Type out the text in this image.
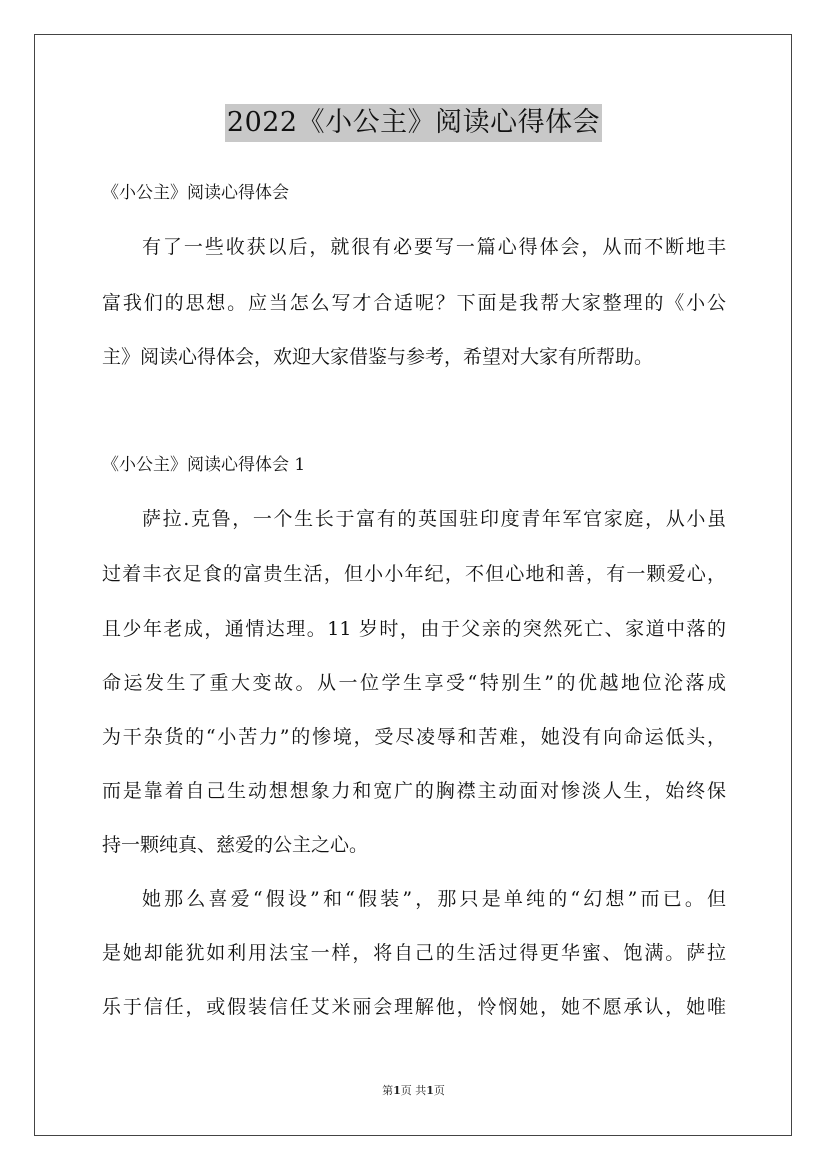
2022《小公主》阅读心得体会
《小公主》阅读心得体会
有了一些收获以后，就很有必要写一篇心得体会，从而不断地丰
富我们的思想。应当怎么写才合适呢？下面是我帮大家整理的《小公
主》阅读心得体会，欢迎大家借鉴与参考，希望对大家有所帮助。
《小公主》阅读心得体会 1
萨拉.克鲁，一个生长于富有的英国驻印度青年军官家庭，从小虽
过着丰衣足食的富贵生活，但小小年纪，不但心地和善，有一颗爱心，
且少年老成，通情达理。11 岁时，由于父亲的突然死亡、家道中落的
命运发生了重大变故。从一位学生享受“特别生”的优越地位沦落成
为干杂货的“小苦力”的惨境，受尽凌辱和苦难，她没有向命运低头，
而是靠着自己生动想想象力和宽广的胸襟主动面对惨淡人生，始终保
持一颗纯真、慈爱的公主之心。
她那么喜爱“假设”和“假装”，那只是单纯的“幻想”而已。但
是她却能犹如利用法宝一样，将自己的生活过得更华蜜、饱满。萨拉
乐于信任，或假装信任艾米丽会理解他，怜悯她，她不愿承认，她唯
第1页 共1页
